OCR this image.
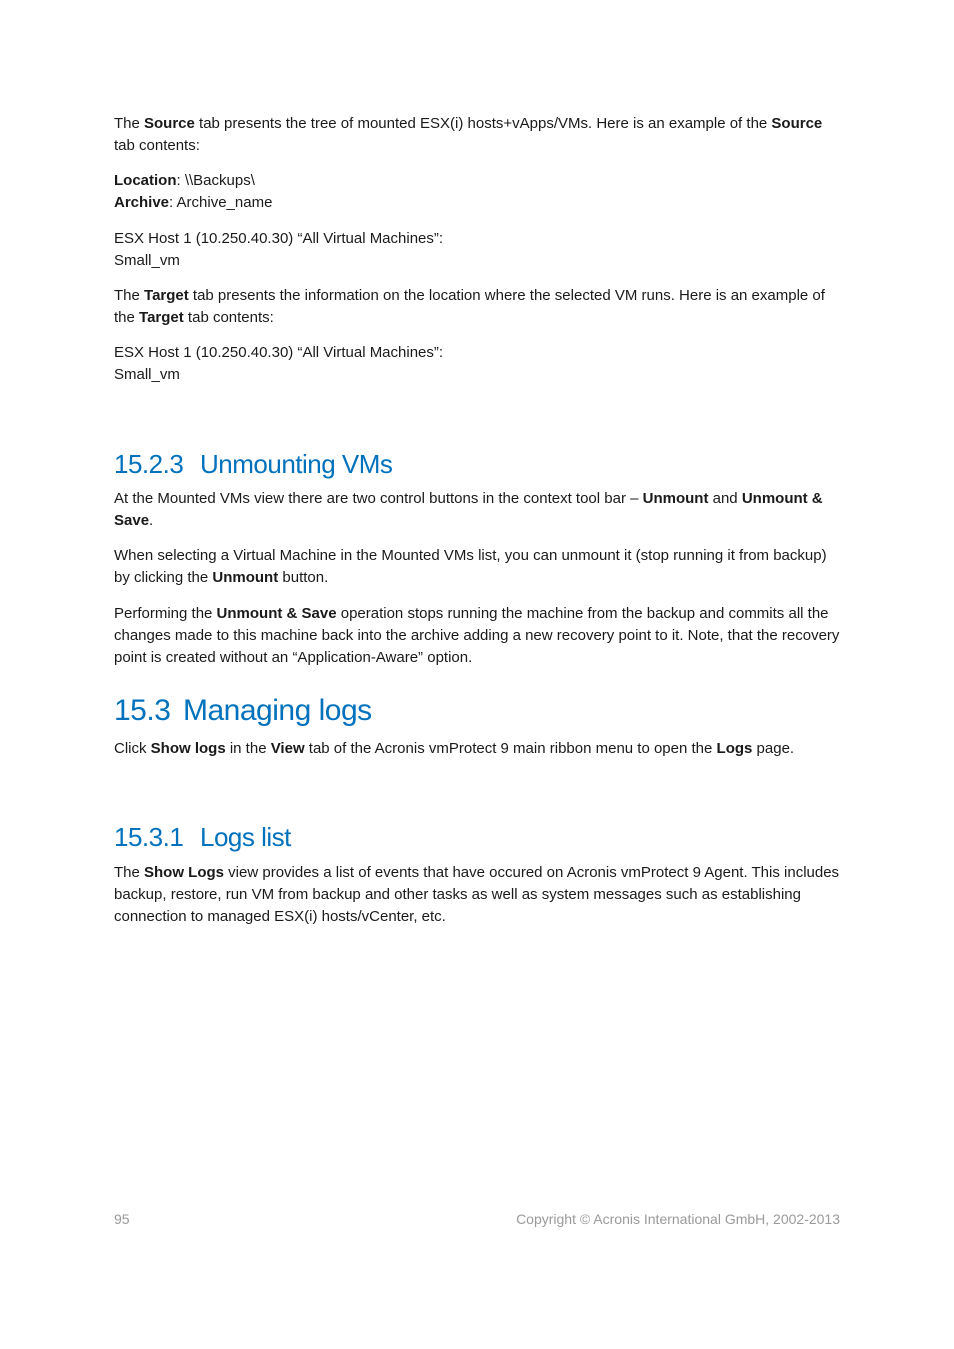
The Source tab presents the tree of mounted ESX(i) hosts+vApps/VMs. Here is an example of the Source tab contents:

Location: \\Backups\
Archive: Archive_name

ESX Host 1 (10.250.40.30) “All Virtual Machines”:
Small_vm

The Target tab presents the information on the location where the selected VM runs. Here is an example of the Target tab contents:

ESX Host 1 (10.250.40.30) “All Virtual Machines”:
Small_vm

15.2.3 Unmounting VMs

At the Mounted VMs view there are two control buttons in the context tool bar – Unmount and Unmount & Save.

When selecting a Virtual Machine in the Mounted VMs list, you can unmount it (stop running it from backup) by clicking the Unmount button.

Performing the Unmount & Save operation stops running the machine from the backup and commits all the changes made to this machine back into the archive adding a new recovery point to it. Note, that the recovery point is created without an “Application-Aware” option.

15.3 Managing logs

Click Show logs in the View tab of the Acronis vmProtect 9 main ribbon menu to open the Logs page.

15.3.1 Logs list

The Show Logs view provides a list of events that have occured on Acronis vmProtect 9 Agent. This includes backup, restore, run VM from backup and other tasks as well as system messages such as establishing connection to managed ESX(i) hosts/vCenter, etc.

95	Copyright © Acronis International GmbH, 2002-2013
